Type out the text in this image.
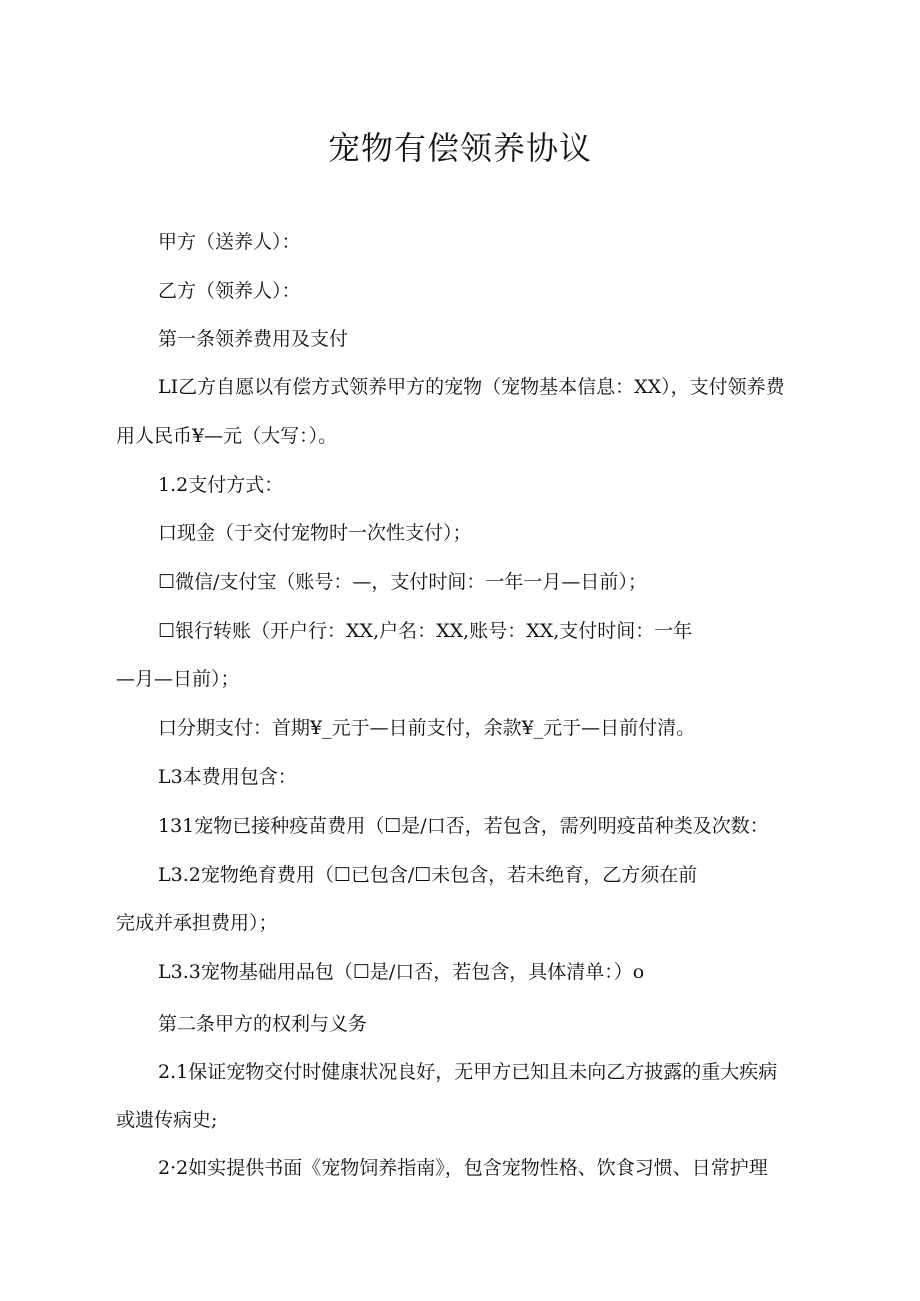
宠物有偿领养协议
甲方（送养人）：
乙方（领养人）：
第一条领养费用及支付
LI乙方自愿以有偿方式领养甲方的宠物（宠物基本信息：XX），支付领养费
用人民币¥—元（大写：）。
1.2支付方式：
口现金（于交付宠物时一次性支付）；
☐微信/支付宝（账号：—，支付时间：一年一月—日前）；
☐银行转账（开户行：XX,户名：XX,账号：XX,支付时间：一年
—月—日前）；
口分期支付：首期¥_元于—日前支付，余款¥_元于—日前付清。
L3本费用包含：
131宠物已接种疫苗费用（☐是/口否，若包含，需列明疫苗种类及次数：
L3.2宠物绝育费用（☐已包含/☐未包含，若未绝育，乙方须在前
完成并承担费用）；
L3.3宠物基础用品包（☐是/口否，若包含，具体清单：）o
第二条甲方的权利与义务
2.1保证宠物交付时健康状况良好，无甲方已知且未向乙方披露的重大疾病
或遗传病史;
2·2如实提供书面《宠物饲养指南》，包含宠物性格、饮食习惯、日常护理
